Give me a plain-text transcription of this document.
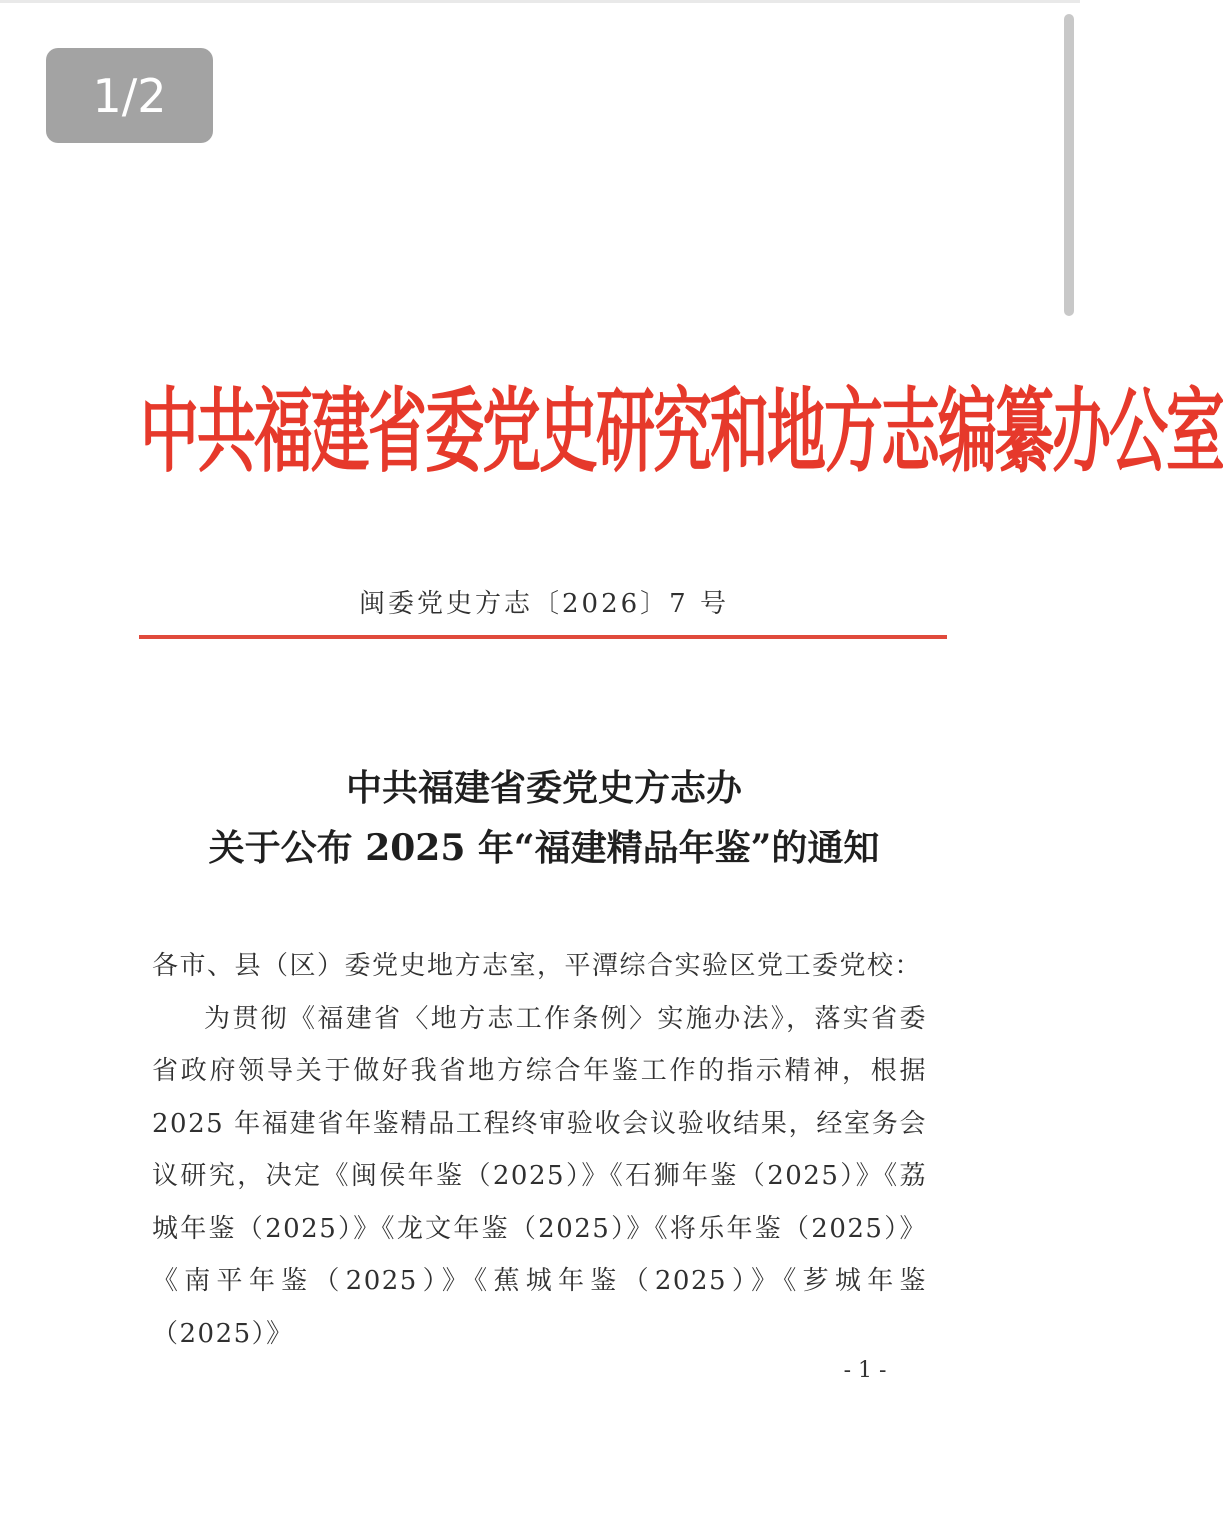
中共福建省委党史研究和地方志编纂办公室
闽委党史方志〔2026〕7 号
中共福建省委党史方志办
关于公布 2025 年“福建精品年鉴”的通知

各市、县（区）委党史地方志室，平潭综合实验区党工委党校：

为贯彻《福建省〈地方志工作条例〉实施办法》，落实省委省政府领导关于做好我省地方综合年鉴工作的指示精神，根据 2025 年福建省年鉴精品工程终审验收会议验收结果，经室务会议研究，决定《闽侯年鉴（2025）》《石狮年鉴（2025）》《荔城年鉴（2025）》《龙文年鉴（2025）》《将乐年鉴（2025）》《南平年鉴（2025）》《蕉城年鉴（2025）》《芗城年鉴（2025）》

- 1 -
1/2
